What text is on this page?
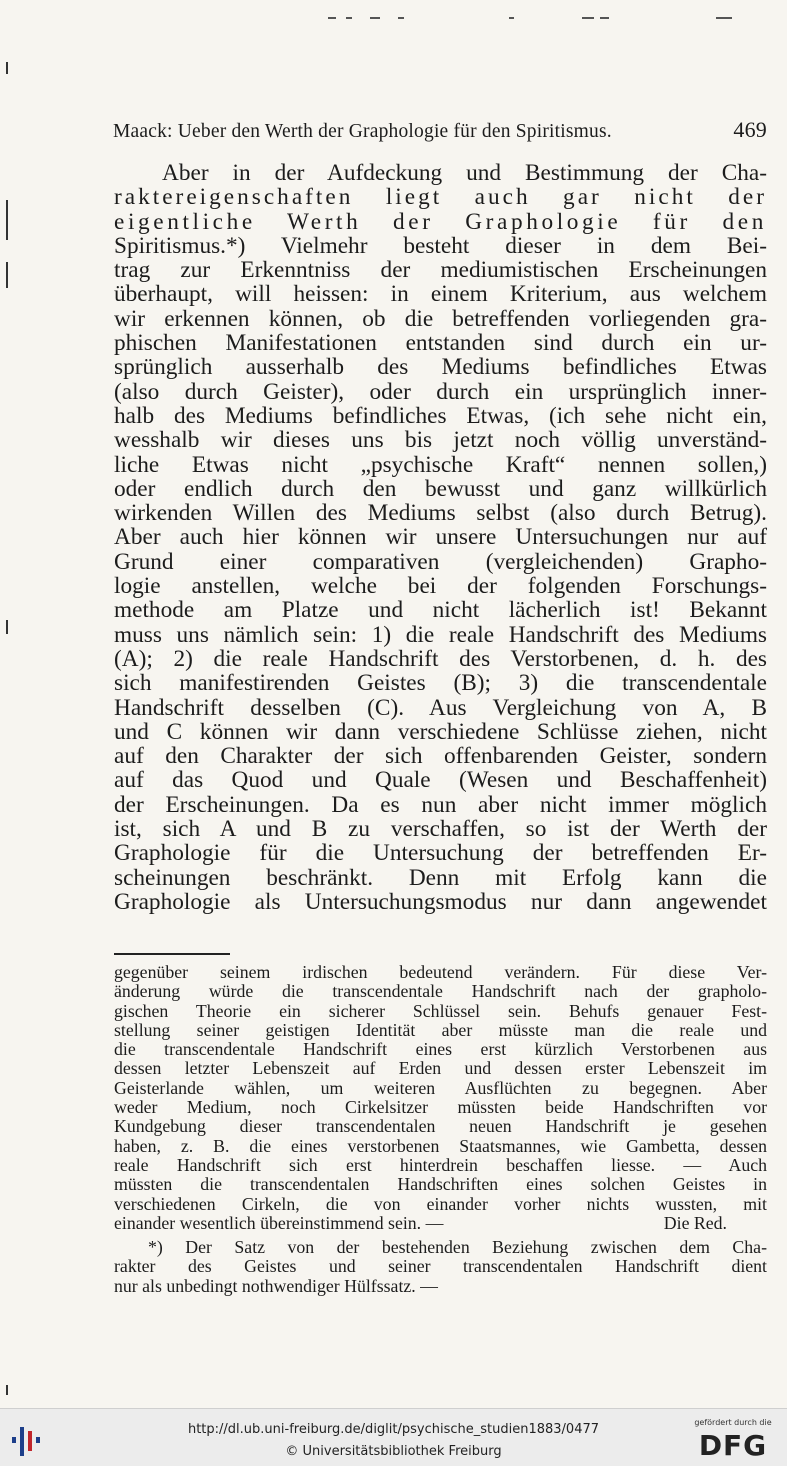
Maack: Ueber den Werth der Graphologie für den Spiritismus.	469
Aber in der Aufdeckung und Bestimmung der Cha-
raktereigenschaften liegt auch gar nicht der
eigentliche Werth der Graphologie für den
Spiritismus.*) Vielmehr besteht dieser in dem Bei-
trag zur Erkenntniss der mediumistischen Erscheinungen
überhaupt, will heissen: in einem Kriterium, aus welchem
wir erkennen können, ob die betreffenden vorliegenden gra-
phischen Manifestationen entstanden sind durch ein ur-
sprünglich ausserhalb des Mediums befindliches Etwas
(also durch Geister), oder durch ein ursprünglich inner-
halb des Mediums befindliches Etwas, (ich sehe nicht ein,
wesshalb wir dieses uns bis jetzt noch völlig unverständ-
liche Etwas nicht „psychische Kraft“ nennen sollen,)
oder endlich durch den bewusst und ganz willkürlich
wirkenden Willen des Mediums selbst (also durch Betrug).
Aber auch hier können wir unsere Untersuchungen nur auf
Grund einer comparativen (vergleichenden) Grapho-
logie anstellen, welche bei der folgenden Forschungs-
methode am Platze und nicht lächerlich ist! Bekannt
muss uns nämlich sein: 1) die reale Handschrift des Mediums
(A); 2) die reale Handschrift des Verstorbenen, d. h. des
sich manifestirenden Geistes (B); 3) die transcendentale
Handschrift desselben (C). Aus Vergleichung von A, B
und C können wir dann verschiedene Schlüsse ziehen, nicht
auf den Charakter der sich offenbarenden Geister, sondern
auf das Quod und Quale (Wesen und Beschaffenheit)
der Erscheinungen. Da es nun aber nicht immer möglich
ist, sich A und B zu verschaffen, so ist der Werth der
Graphologie für die Untersuchung der betreffenden Er-
scheinungen beschränkt. Denn mit Erfolg kann die
Graphologie als Untersuchungsmodus nur dann angewendet
gegenüber seinem irdischen bedeutend verändern. Für diese Ver-
änderung würde die transcendentale Handschrift nach der grapholo-
gischen Theorie ein sicherer Schlüssel sein. Behufs genauer Fest-
stellung seiner geistigen Identität aber müsste man die reale und
die transcendentale Handschrift eines erst kürzlich Verstorbenen aus
dessen letzter Lebenszeit auf Erden und dessen erster Lebenszeit im
Geisterlande wählen, um weiteren Ausflüchten zu begegnen. Aber
weder Medium, noch Cirkelsitzer müssten beide Handschriften vor
Kundgebung dieser transcendentalen neuen Handschrift je gesehen
haben, z. B. die eines verstorbenen Staatsmannes, wie Gambetta, dessen
reale Handschrift sich erst hinterdrein beschaffen liesse. — Auch
müssten die transcendentalen Handschriften eines solchen Geistes in
verschiedenen Cirkeln, die von einander vorher nichts wussten, mit
einander wesentlich übereinstimmend sein. —	Die Red.
*) Der Satz von der bestehenden Beziehung zwischen dem Cha-
rakter des Geistes und seiner transcendentalen Handschrift dient
nur als unbedingt nothwendiger Hülfssatz. —
http://dl.ub.uni-freiburg.de/diglit/psychische_studien1883/0477
© Universitätsbibliothek Freiburg
gefördert durch die
DFG
